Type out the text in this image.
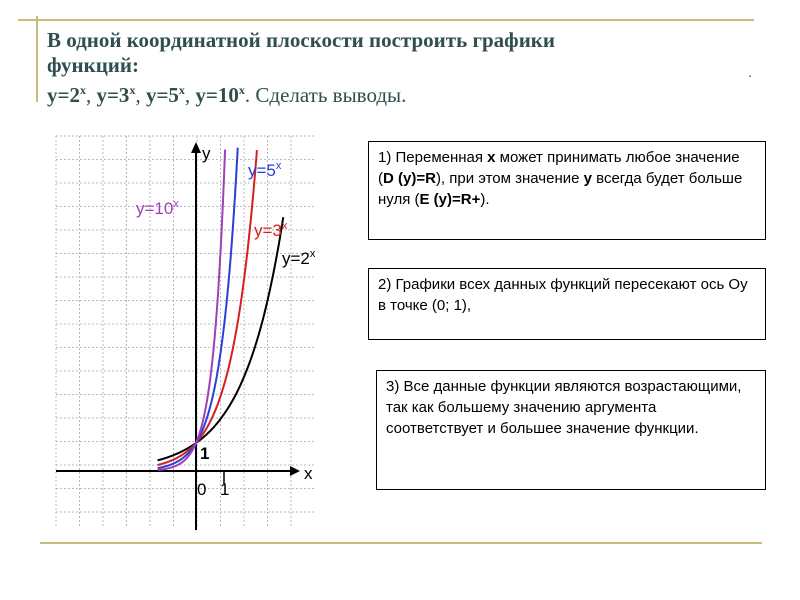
В одной координатной плоскости построить графики
функций:
$y=2^x$, $y=3^x$, $y=5^x$, $y=10^x$. Сделать выводы.
.
x
y
0 1
1
$y=2^x$
$y=3^x$
$y=5^x$
$y=10^x$
1) Переменная х может принимать любое значение (D (у)=R), при этом значение у всегда будет больше нуля (E (у)=R+).
2) Графики всех данных функций пересекают ось Оу в точке (0; 1),
3) Все данные функции являются возрастающими, так как большему значению аргумента соответствует и большее значение функции.
